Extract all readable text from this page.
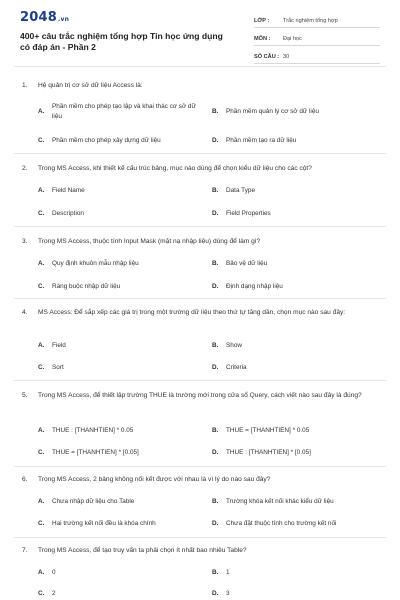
2048.vn
400+ câu trắc nghiệm tổng hợp Tin học ứng dụng có đáp án - Phần 2
LỚP :	Trắc nghiệm tổng hợp
MÔN :	Đại học
SỐ CÂU : 30
1.	Hệ quản trị cơ sở dữ liệu Access là:
A.
Phần mềm cho phép tạo lập và khai thác cơ sở dữ liệu
B.	Phần mềm quản lý cơ sở dữ liệu
C.	Phần mềm cho phép xây dựng dữ liệu	D.	Phần mềm tạo ra dữ liệu
2.	Trong MS Access, khi thiết kế cấu trúc bảng, mục nào dùng để chọn kiểu dữ liệu cho các cột?
A.	Field Name	B.	Data Type
C.	Description	D.	Field Properties
3.	Trong MS Access, thuộc tính Input Mask (mặt nạ nhập liệu) dùng để làm gì?
A.	Quy định khuôn mẫu nhập liệu	B.	Bảo vệ dữ liệu
C.	Ràng buộc nhập dữ liệu	D.	Định dạng nhập liệu
4.	MS Access: Để sắp xếp các giá trị trong một trường dữ liệu theo thứ tự tăng dần, chọn mục nào sau đây:
A.	Field	B.	Show
C.	Sort	D.	Criteria
5.	Trong MS Access, để thiết lập trường THUE là trường mới trong cửa sổ Query, cách viết nào sau đây là đúng?
A.	THUE : [THANHTIEN] * 0.05	B.	THUE = [THANHTIEN] * 0.05
C.	THUE = [THANHTIEN] * [0.05]	D.	THUE : [THANHTIEN] * [0.05]
6.	Trong MS Access, 2 bảng không nối kết được với nhau là vì lý do nào sau đây?
A.	Chưa nhập dữ liệu cho Table	B.	Trường khóa kết nối khác kiểu dữ liệu
C.	Hai trường kết nối đều là khóa chính	D.	Chưa đặt thuộc tính cho trường kết nối
7.	Trong MS Access, để tạo truy vấn ta phải chọn ít nhất bao nhiêu Table?
A.	0	B.	1
C.	2	D.	3
